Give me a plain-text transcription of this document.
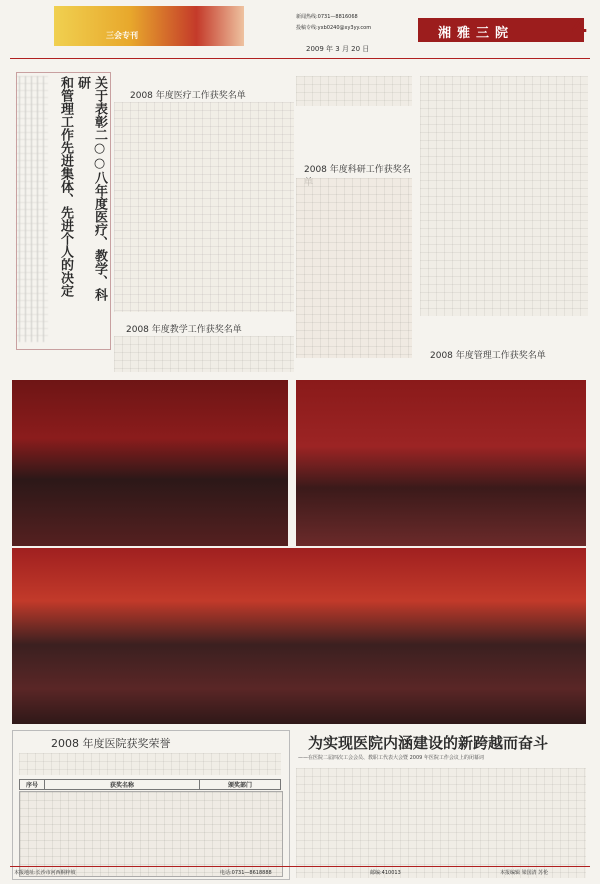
三会专刊
新闻热线:0731—8816068
投稿专线:yxb0240@xy3yy.com
2009 年 3 月 20 日
湘雅三院	4
关于表彰二○○八年度医疗、教学、科研
和管理工作先进集体、先进个人的决定	2008 年度医疗工作获奖名单
2008 年度科研工作获奖名
2008 年度管理工作获奖名单
2008 年度教学工作获奖名单
2008 年度医院获奖荣誉
序号	获奖名称	颁奖部门
为实现医院内涵建设的新跨越而奋斗
——在医院二届四次工会会员、教职工代表大会暨 2009 年医院工作会议上的闭幕词
本报地址:长沙市河西桐梓坡	电话:0731—8618888	邮编:410013	本报编辑 梁国清 苏伦
